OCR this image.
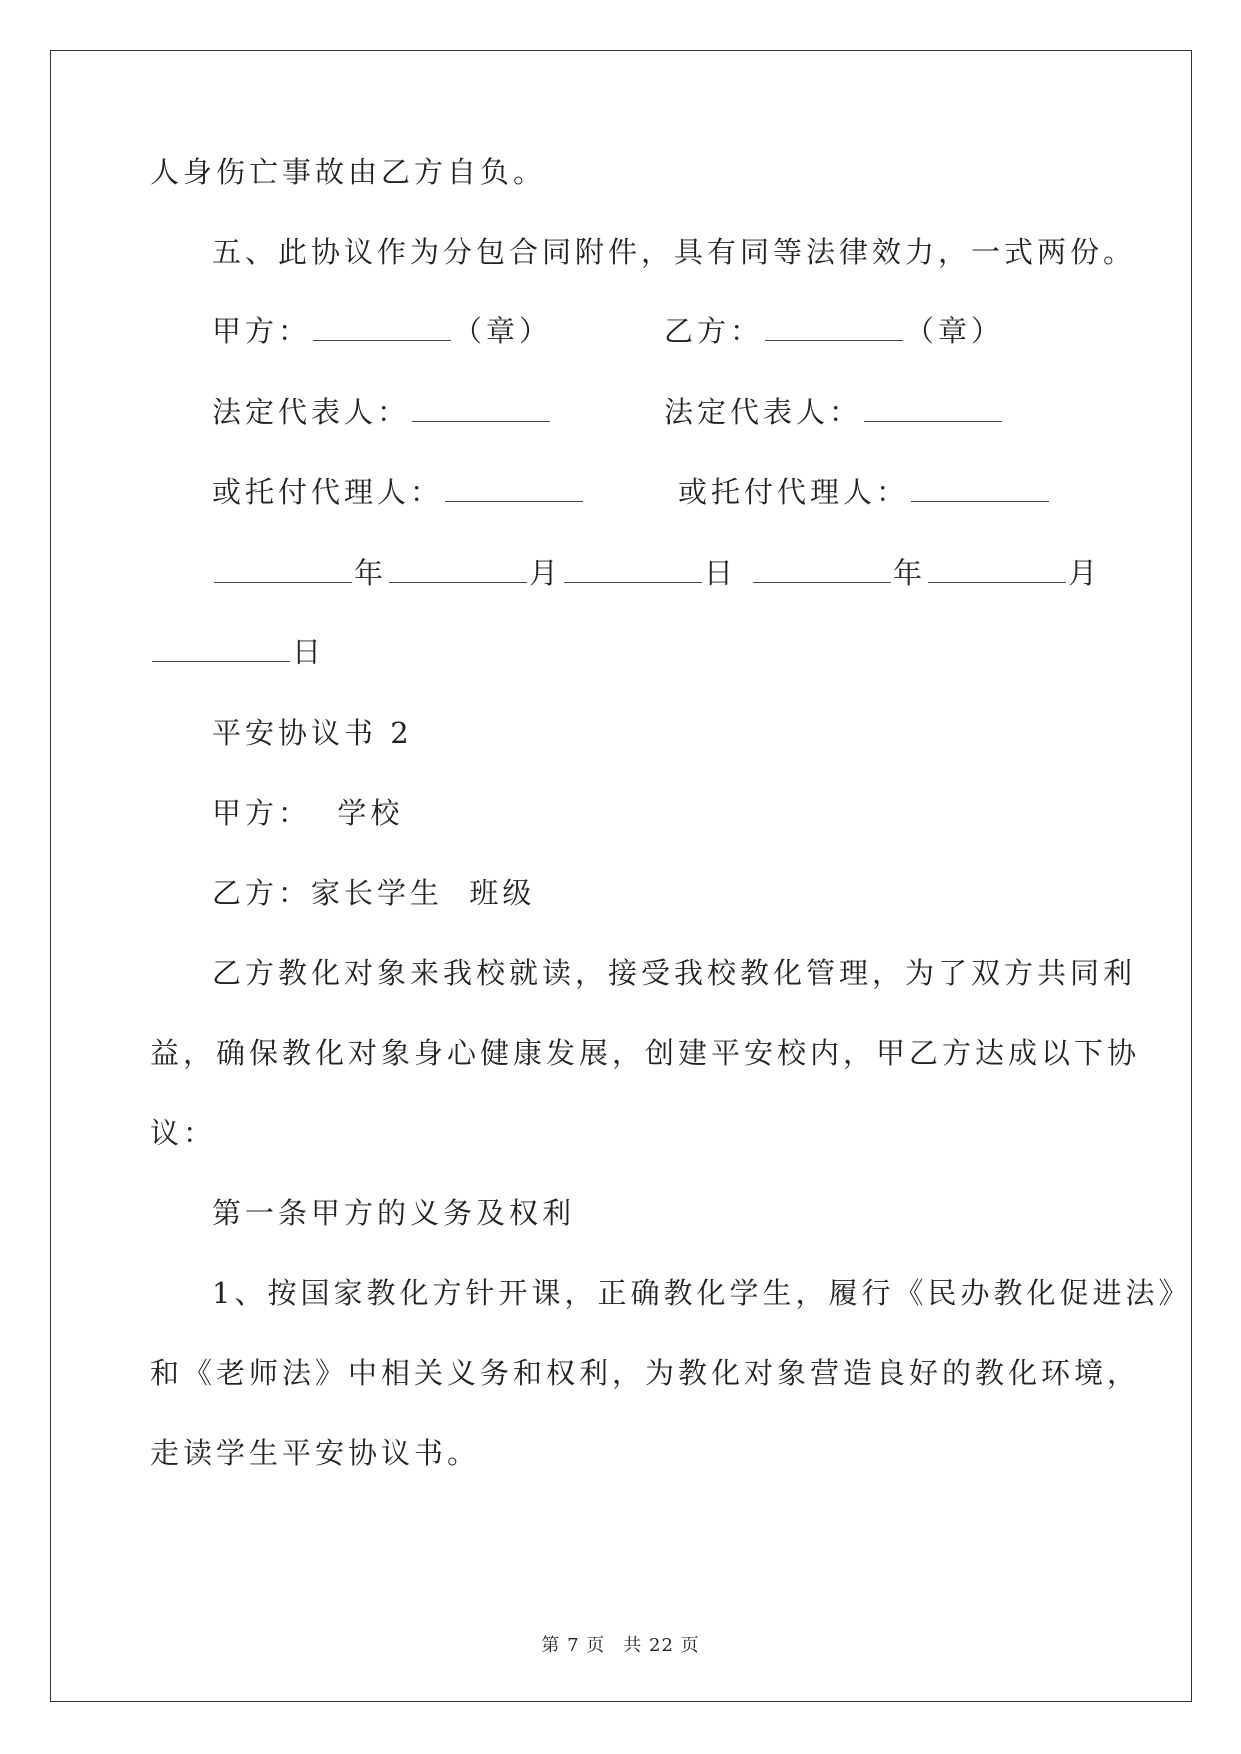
人身伤亡事故由乙方自负。
五、此协议作为分包合同附件，具有同等法律效力，一式两份。
甲方：	（章）	乙方：	（章）
法定代表人：	法定代表人：
或托付代理人：	或托付代理人：
年	月	日	年	月
日
平安协议书 2
甲方：  学校
乙方：家长学生  班级
乙方教化对象来我校就读，接受我校教化管理，为了双方共同利
益，确保教化对象身心健康发展，创建平安校内，甲乙方达成以下协
议：
第一条甲方的义务及权利
1、按国家教化方针开课，正确教化学生，履行《民办教化促进法》
和《老师法》中相关义务和权利，为教化对象营造良好的教化环境，
走读学生平安协议书。
第 7 页 共 22 页
